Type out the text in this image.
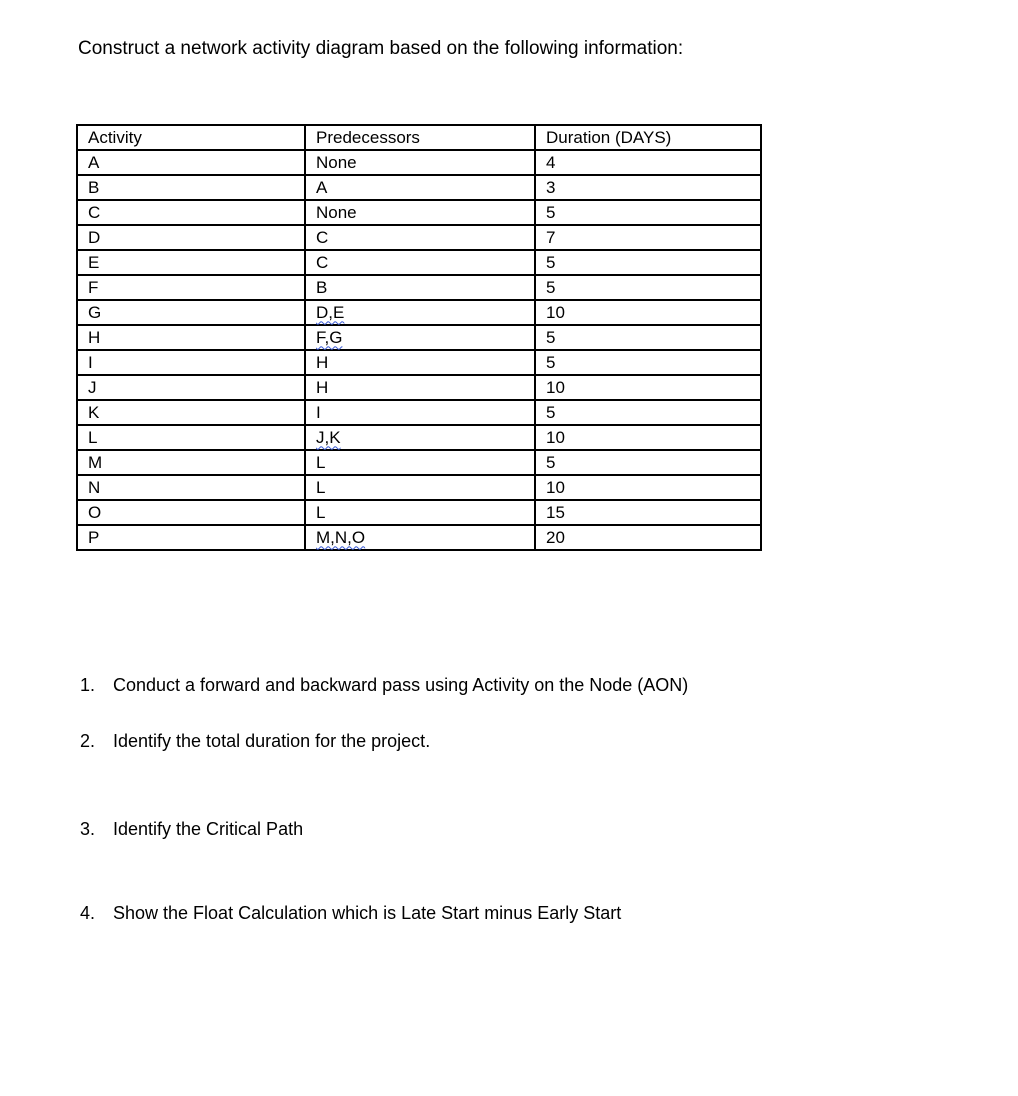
Construct a network activity diagram based on the following information:
Activity	Predecessors	Duration (DAYS)
A	None	4
B	A	3
C	None	5
D	C	7
E	C	5
F	B	5
G	D,E	10
H	F,G	5
I	H	5
J	H	10
K	I	5
L	J,K	10
M	L	5
N	L	10
O	L	15
P	M,N,O	20
1. Conduct a forward and backward pass using Activity on the Node (AON)
2. Identify the total duration for the project.
3. Identify the Critical Path
4. Show the Float Calculation which is Late Start minus Early Start
